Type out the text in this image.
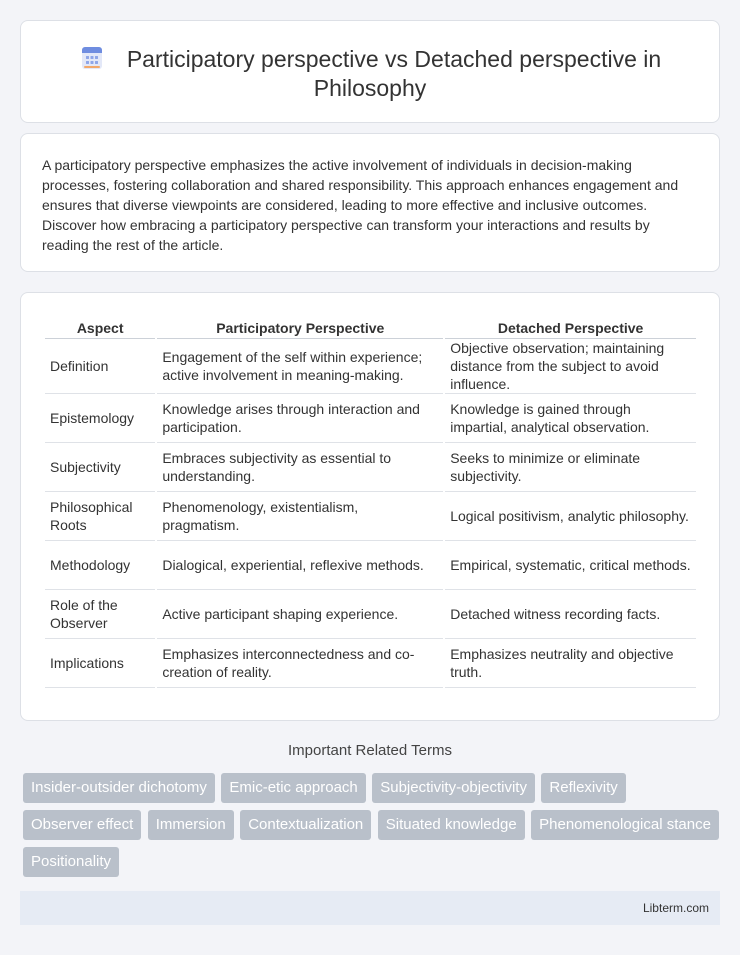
Participatory perspective vs Detached perspective in Philosophy

A participatory perspective emphasizes the active involvement of individuals in decision-making processes, fostering collaboration and shared responsibility. This approach enhances engagement and ensures that diverse viewpoints are considered, leading to more effective and inclusive outcomes. Discover how embracing a participatory perspective can transform your interactions and results by reading the rest of the article.

Aspect	Participatory Perspective	Detached Perspective
Definition	Engagement of the self within experience; active involvement in meaning-making.	Objective observation; maintaining distance from the subject to avoid influence.
Epistemology	Knowledge arises through interaction and participation.	Knowledge is gained through impartial, analytical observation.
Subjectivity	Embraces subjectivity as essential to understanding.	Seeks to minimize or eliminate subjectivity.
Philosophical Roots	Phenomenology, existentialism, pragmatism.	Logical positivism, analytic philosophy.
Methodology	Dialogical, experiential, reflexive methods.	Empirical, systematic, critical methods.
Role of the Observer	Active participant shaping experience.	Detached witness recording facts.
Implications	Emphasizes interconnectedness and co-creation of reality.	Emphasizes neutrality and objective truth.
Important Related Terms
Insider-outsider dichotomy Emic-etic approach Subjectivity-objectivity Reflexivity Observer effect Immersion Contextualization Situated knowledge Phenomenological stance Positionality
Libterm.com
